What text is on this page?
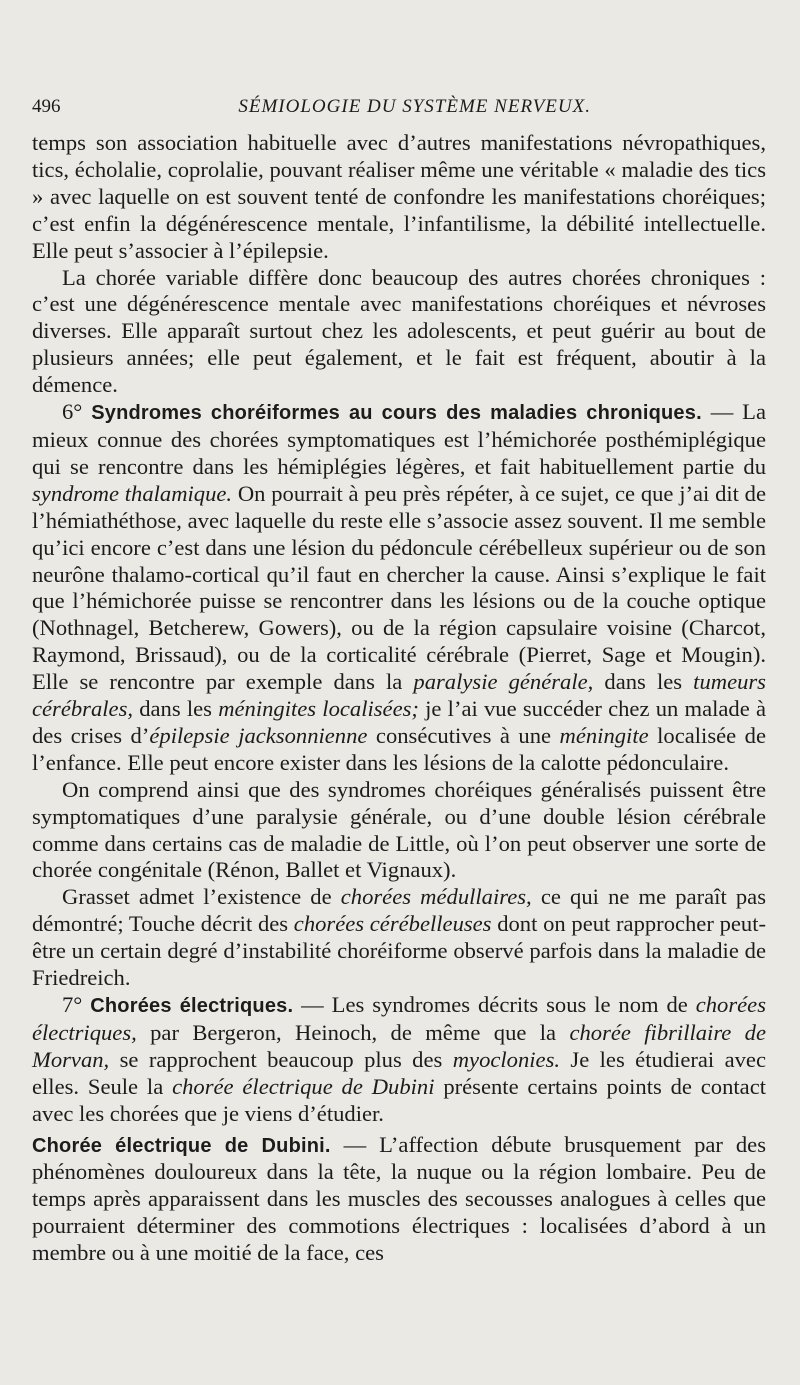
496	SÉMIOLOGIE DU SYSTÈME NERVEUX.

temps son association habituelle avec d’autres manifestations névropathiques, tics, écholalie, coprolalie, pouvant réaliser même une véritable « maladie des tics » avec laquelle on est souvent tenté de confondre les manifestations choréiques; c’est enfin la dégénérescence mentale, l’infantilisme, la débilité intellectuelle. Elle peut s’associer à l’épilepsie.

La chorée variable diffère donc beaucoup des autres chorées chroniques : c’est une dégénérescence mentale avec manifestations choréiques et névroses diverses. Elle apparaît surtout chez les adolescents, et peut guérir au bout de plusieurs années; elle peut également, et le fait est fréquent, aboutir à la démence.

6° Syndromes choréiformes au cours des maladies chroniques. — La mieux connue des chorées symptomatiques est l’hémichorée posthémiplégique qui se rencontre dans les hémiplégies légères, et fait habituellement partie du syndrome thalamique. On pourrait à peu près répéter, à ce sujet, ce que j’ai dit de l’hémiathéthose, avec laquelle du reste elle s’associe assez souvent. Il me semble qu’ici encore c’est dans une lésion du pédoncule cérébelleux supérieur ou de son neurône thalamo-cortical qu’il faut en chercher la cause. Ainsi s’explique le fait que l’hémichorée puisse se rencontrer dans les lésions ou de la couche optique (Nothnagel, Betcherew, Gowers), ou de la région capsulaire voisine (Charcot, Raymond, Brissaud), ou de la corticalité cérébrale (Pierret, Sage et Mougin). Elle se rencontre par exemple dans la paralysie générale, dans les tumeurs cérébrales, dans les méningites localisées; je l’ai vue succéder chez un malade à des crises d’épilepsie jacksonnienne consécutives à une méningite localisée de l’enfance. Elle peut encore exister dans les lésions de la calotte pédonculaire.

On comprend ainsi que des syndromes choréiques généralisés puissent être symptomatiques d’une paralysie générale, ou d’une double lésion cérébrale comme dans certains cas de maladie de Little, où l’on peut observer une sorte de chorée congénitale (Rénon, Ballet et Vignaux).

Grasset admet l’existence de chorées médullaires, ce qui ne me paraît pas démontré; Touche décrit des chorées cérébelleuses dont on peut rapprocher peut-être un certain degré d’instabilité choréiforme observé parfois dans la maladie de Friedreich.

7° Chorées électriques. — Les syndromes décrits sous le nom de chorées électriques, par Bergeron, Heinoch, de même que la chorée fibrillaire de Morvan, se rapprochent beaucoup plus des myoclonies. Je les étudierai avec elles. Seule la chorée électrique de Dubini présente certains points de contact avec les chorées que je viens d’étudier.

Chorée électrique de Dubini. — L’affection débute brusquement par des phénomènes douloureux dans la tête, la nuque ou la région lombaire. Peu de temps après apparaissent dans les muscles des secousses analogues à celles que pourraient déterminer des commotions électriques : localisées d’abord à un membre ou à une moitié de la face, ces
